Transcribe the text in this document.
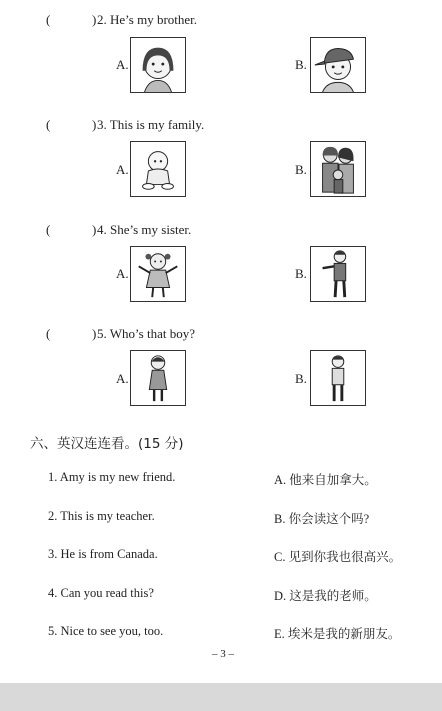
(	) 2. He’s my brother.
A.	B.
(	) 3. This is my family.
A.	B.
(	) 4. She’s my sister.
A.	B.
(	) 5. Who’s that boy?
A.	B.
六、英汉连连看。(15 分)
1. Amy is my new friend.
2. This is my teacher.
3. He is from Canada.
4. Can you read this?
5. Nice to see you, too.
A. 他来自加拿大。
B. 你会读这个吗?
C. 见到你我也很高兴。
D. 这是我的老师。
E. 埃米是我的新朋友。
– 3 –
